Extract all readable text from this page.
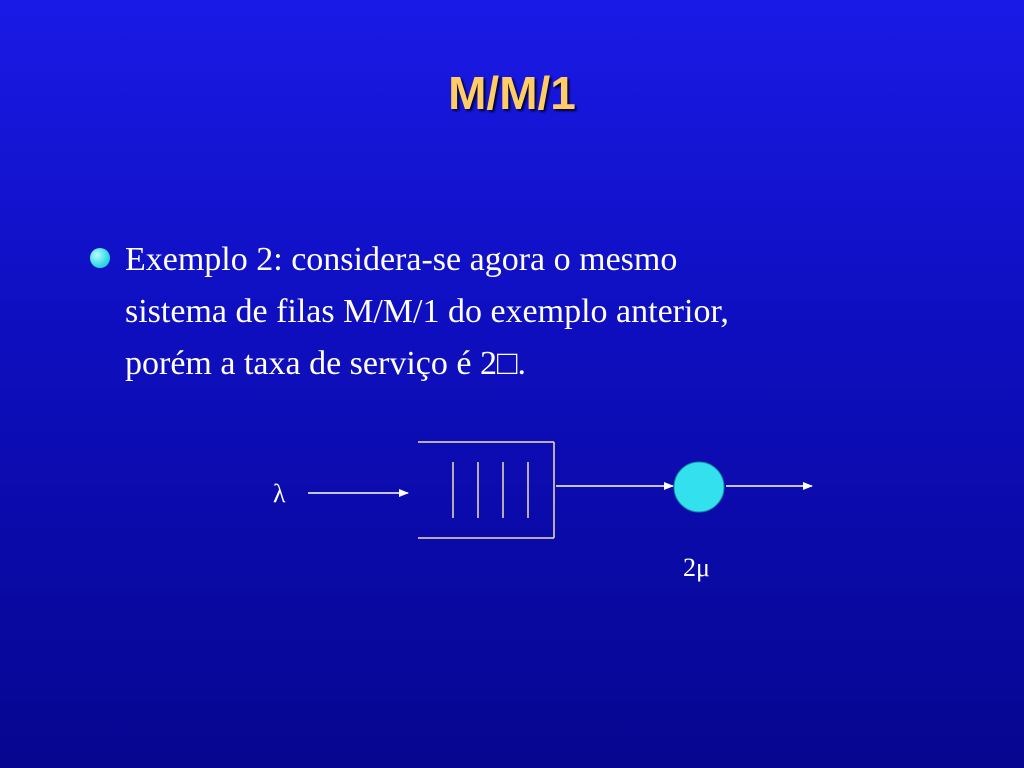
M/M/1
Exemplo 2: considera-se agora o mesmo
sistema de filas M/M/1 do exemplo anterior,
porém a taxa de serviço é 2□.
λ
2μ
